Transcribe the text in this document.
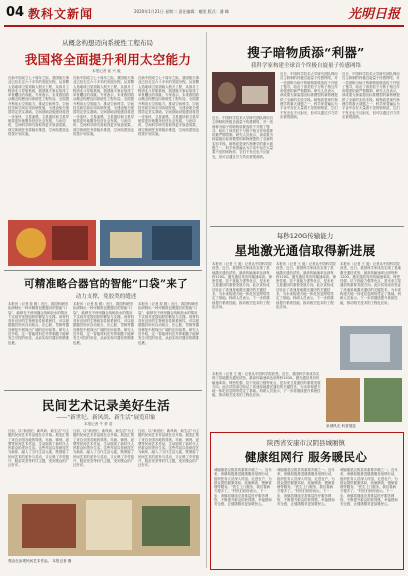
04 教科文新闻	2020年1月21日 星期二 责任编辑：谢凯 版式：潘 峰	光明日报
从概念构想迈向系统性工程布局
我国将全面提升利用太空能力
本报记者 崔 兴 毅
在新中国成立七十周年之际，我国航天事业已经走过六十多年的发展历程。从首颗人造地球卫星到载人航天工程，从探月工程到北斗导航系统，我国航天事业取得了举世瞩目的成就。专家表示，未来我国将从概念构想迈向系统性工程布局，全面提升利用太空的能力，推动空间科学、空间技术和空间应用协调发展，为建设航天强国奠定坚实基础。空间基础设施建设将进一步加快，卫星遥感、卫星通信和卫星导航将更好地服务经济社会发展。与此同时，空间科学研究将取得更多原创成果，深空探测任务将稳步推进，空间站建造也将按计划实施。
在新中国成立七十周年之际，我国航天事业已经走过六十多年的发展历程。从首颗人造地球卫星到载人航天工程，从探月工程到北斗导航系统，我国航天事业取得了举世瞩目的成就。专家表示，未来我国将从概念构想迈向系统性工程布局，全面提升利用太空的能力，推动空间科学、空间技术和空间应用协调发展，为建设航天强国奠定坚实基础。空间基础设施建设将进一步加快，卫星遥感、卫星通信和卫星导航将更好地服务经济社会发展。与此同时，空间科学研究将取得更多原创成果，深空探测任务将稳步推进，空间站建造也将按计划实施。
在新中国成立七十周年之际，我国航天事业已经走过六十多年的发展历程。从首颗人造地球卫星到载人航天工程，从探月工程到北斗导航系统，我国航天事业取得了举世瞩目的成就。专家表示，未来我国将从概念构想迈向系统性工程布局，全面提升利用太空的能力，推动空间科学、空间技术和空间应用协调发展，为建设航天强国奠定坚实基础。空间基础设施建设将进一步加快，卫星遥感、卫星通信和卫星导航将更好地服务经济社会发展。与此同时，空间科学研究将取得更多原创成果，深空探测任务将稳步推进，空间站建造也将按计划实施。
搜子暗物质添“利器”
我科学家构建全球首个终极自旋量子传感网络
近日，中国科学技术大学研究团队利用自主研制的终极自旋量子传感网络，对一类被称为轴子的暗物质候选粒子开展了搜寻，给出了该类粒子与核子相互作用强度的最严格限制。研究人员表示，该成果为探索超出标准模型的新物理提供了全新的实验手段。暗物质是现代物理学的重大谜题之一，科学家普遍认为宇宙中存在大量看不见的暗物质，它们不发光也不反射光，但可以通过引力效应被观测到。
近日，中国科学技术大学研究团队利用自主研制的终极自旋量子传感网络，对一类被称为轴子的暗物质候选粒子开展了搜寻，给出了该类粒子与核子相互作用强度的最严格限制。研究人员表示，该成果为探索超出标准模型的新物理提供了全新的实验手段。暗物质是现代物理学的重大谜题之一，科学家普遍认为宇宙中存在大量看不见的暗物质，它们不发光也不反射光，但可以通过引力效应被观测到。
近日，中国科学技术大学研究团队利用自主研制的终极自旋量子传感网络，对一类被称为轴子的暗物质候选粒子开展了搜寻，给出了该类粒子与核子相互作用强度的最严格限制。研究人员表示，该成果为探索超出标准模型的新物理提供了全新的实验手段。暗物质是现代物理学的重大谜题之一，科学家普遍认为宇宙中存在大量看不见的暗物质，它们不发光也不反射光，但可以通过引力效应被观测到。
每秒120G传输能力
星地激光通信取得新进展
本报讯（记者 王 迪）记者从中国科学院获悉，近日，我国科学家成功实现了星地激光通信试验，最高传输速率达到每秒120G。激光通信具有传输速率高、保密性强、抗干扰能力强等优点，是未来卫星通信的重要发展方向。此次试验成功验证了高速星地激光通信的关键技术，为未来构建天地一体化信息网络奠定了基础。科研人员表示，下一步将继续提升系统性能，推动相关技术的工程化应用。
本报讯（记者 王 迪）记者从中国科学院获悉，近日，我国科学家成功实现了星地激光通信试验，最高传输速率达到每秒120G。激光通信具有传输速率高、保密性强、抗干扰能力强等优点，是未来卫星通信的重要发展方向。此次试验成功验证了高速星地激光通信的关键技术，为未来构建天地一体化信息网络奠定了基础。科研人员表示，下一步将继续提升系统性能，推动相关技术的工程化应用。
本报讯（记者 王 迪）记者从中国科学院获悉，近日，我国科学家成功实现了星地激光通信试验，最高传输速率达到每秒120G。激光通信具有传输速率高、保密性强、抗干扰能力强等优点，是未来卫星通信的重要发展方向。此次试验成功验证了高速星地激光通信的关键技术，为未来构建天地一体化信息网络奠定了基础。科研人员表示，下一步将继续提升系统性能，推动相关技术的工程化应用。
可精准略合器官的智能“口袋”来了
动力支撑，免胶类的缝述
本报讯（记者 詹 媛）近日，我国科研团队研制出一种可精准包裹器官的智能“口袋”，能够在不使用缝合线和胶水的情况下实现对受损组织的修复与支撑。该材料具有良好的生物相容性和柔韧性，可以根据器官形状自动贴合，在心脏、胃肠等器官修复中展现出广阔的应用前景。研究人员介绍，这一智能材料在外界刺激下能够发生可控的形变，从而实现对器官的精准包裹。
本报讯（记者 詹 媛）近日，我国科研团队研制出一种可精准包裹器官的智能“口袋”，能够在不使用缝合线和胶水的情况下实现对受损组织的修复与支撑。该材料具有良好的生物相容性和柔韧性，可以根据器官形状自动贴合，在心脏、胃肠等器官修复中展现出广阔的应用前景。研究人员介绍，这一智能材料在外界刺激下能够发生可控的形变，从而实现对器官的精准包裹。
本报讯（记者 詹 媛）近日，我国科研团队研制出一种可精准包裹器官的智能“口袋”，能够在不使用缝合线和胶水的情况下实现对受损组织的修复与支撑。该材料具有良好的生物相容性和柔韧性，可以根据器官形状自动贴合，在心脏、胃肠等器官修复中展现出广阔的应用前景。研究人员介绍，这一智能材料在外界刺激下能够发生可控的形变，从而实现对器官的精准包裹。
泉城风光 科普展览
本报讯（记者 王 迪）记者从中国科学院获悉，近日，我国科学家成功实现了星地激光通信试验，最高传输速率达到每秒120G。激光通信具有传输速率高、保密性强、抗干扰能力强等优点，是未来卫星通信的重要发展方向。此次试验成功验证了高速星地激光通信的关键技术，为未来构建天地一体化信息网络奠定了基础。科研人员表示，下一步将继续提升系统性能，推动相关技术的工程化应用。
民间艺术记录美好生活
——“新世纪、新风尚、新生活”展览印象
本报记者 牛 梦 笛
日前，以“新世纪、新风尚、新生活”为主题的民间艺术作品展在京开幕。展览汇集了来自全国各地的剪纸、年画、刺绣、泥塑等民间艺术作品，生动展现了新时代人民群众的美好生活。这些作品以传统技艺为载体，融入了当代生活元素，既保留了民间艺术的质朴与灵动，又反映了乡村振兴、脱贫攻坚等时代主题，受到观众的广泛好评。
日前，以“新世纪、新风尚、新生活”为主题的民间艺术作品展在京开幕。展览汇集了来自全国各地的剪纸、年画、刺绣、泥塑等民间艺术作品，生动展现了新时代人民群众的美好生活。这些作品以传统技艺为载体，融入了当代生活元素，既保留了民间艺术的质朴与灵动，又反映了乡村振兴、脱贫攻坚等时代主题，受到观众的广泛好评。
日前，以“新世纪、新风尚、新生活”为主题的民间艺术作品展在京开幕。展览汇集了来自全国各地的剪纸、年画、刺绣、泥塑等民间艺术作品，生动展现了新时代人民群众的美好生活。这些作品以传统技艺为载体，融入了当代生活元素，既保留了民间艺术的质朴与灵动，又反映了乡村振兴、脱贫攻坚等时代主题，受到观众的广泛好评。
观众在参观民间艺术作品。 本报记者 摄
陕西省安康市汉阴县城厢镇
健康组网行 服务暖民心
城厢镇是汉阴县的重要乡镇之一。近年来，该镇积极推进健康服务组网行动，组织医务人员深入村组、走进农户，为群众提供健康体检、疾病筛查、慢病管理等服务。“医生上门服务，我们看病方便多了。”村民们纷纷表示。下一步，该镇将继续完善基层医疗服务网络，不断提升群众的获得感、幸福感和安全感，让健康服务更加暖民心。
城厢镇是汉阴县的重要乡镇之一。近年来，该镇积极推进健康服务组网行动，组织医务人员深入村组、走进农户，为群众提供健康体检、疾病筛查、慢病管理等服务。“医生上门服务，我们看病方便多了。”村民们纷纷表示。下一步，该镇将继续完善基层医疗服务网络，不断提升群众的获得感、幸福感和安全感，让健康服务更加暖民心。
城厢镇是汉阴县的重要乡镇之一。近年来，该镇积极推进健康服务组网行动，组织医务人员深入村组、走进农户，为群众提供健康体检、疾病筛查、慢病管理等服务。“医生上门服务，我们看病方便多了。”村民们纷纷表示。下一步，该镇将继续完善基层医疗服务网络，不断提升群众的获得感、幸福感和安全感，让健康服务更加暖民心。
